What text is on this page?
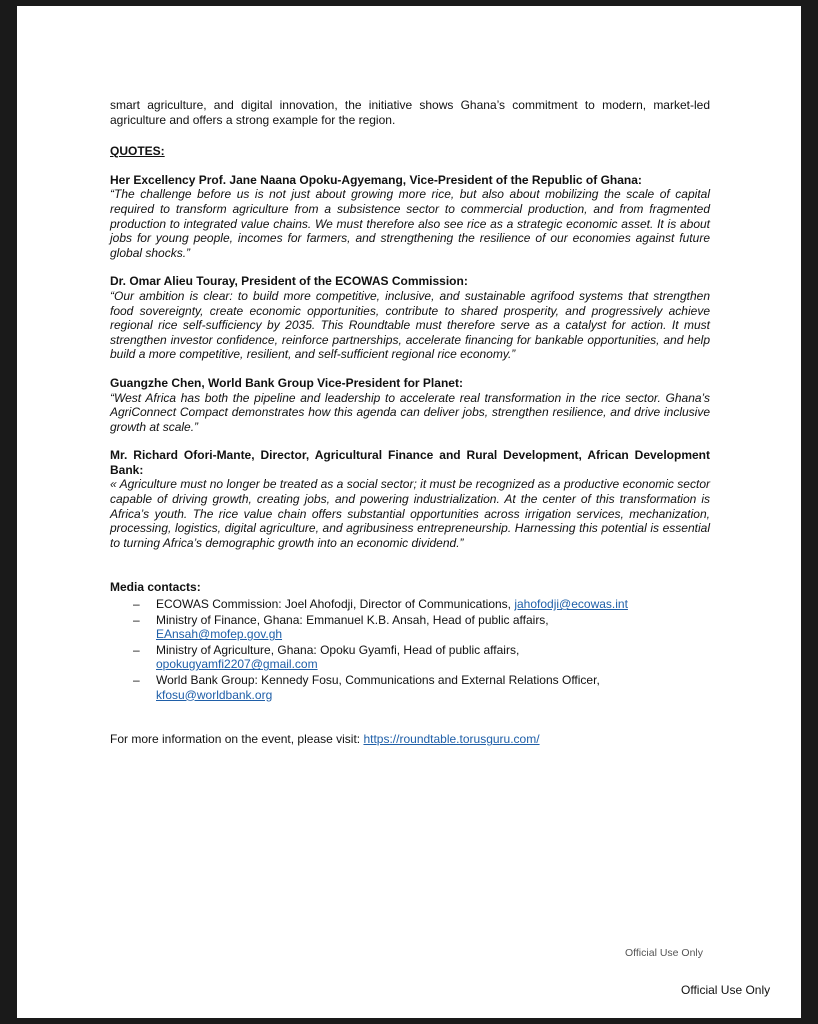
smart agriculture, and digital innovation, the initiative shows Ghana’s commitment to modern, market-led agriculture and offers a strong example for the region.

QUOTES:

Her Excellency Prof. Jane Naana Opoku-Agyemang, Vice-President of the Republic of Ghana:

“The challenge before us is not just about growing more rice, but also about mobilizing the scale of capital required to transform agriculture from a subsistence sector to commercial production, and from fragmented production to integrated value chains. We must therefore also see rice as a strategic economic asset. It is about jobs for young people, incomes for farmers, and strengthening the resilience of our economies against future global shocks.”

Dr. Omar Alieu Touray, President of the ECOWAS Commission:

“Our ambition is clear: to build more competitive, inclusive, and sustainable agrifood systems that strengthen food sovereignty, create economic opportunities, contribute to shared prosperity, and progressively achieve regional rice self-sufficiency by 2035. This Roundtable must therefore serve as a catalyst for action. It must strengthen investor confidence, reinforce partnerships, accelerate financing for bankable opportunities, and help build a more competitive, resilient, and self-sufficient regional rice economy.”

Guangzhe Chen, World Bank Group Vice-President for Planet:

“West Africa has both the pipeline and leadership to accelerate real transformation in the rice sector. Ghana’s AgriConnect Compact demonstrates how this agenda can deliver jobs, strengthen resilience, and drive inclusive growth at scale.”

Mr. Richard Ofori-Mante, Director, Agricultural Finance and Rural Development, African Development Bank:

« Agriculture must no longer be treated as a social sector; it must be recognized as a productive economic sector capable of driving growth, creating jobs, and powering industrialization. At the center of this transformation is Africa’s youth. The rice value chain offers substantial opportunities across irrigation services, mechanization, processing, logistics, digital agriculture, and agribusiness entrepreneurship. Harnessing this potential is essential to turning Africa’s demographic growth into an economic dividend.”

Media contacts:

– ECOWAS Commission: Joel Ahofodji, Director of Communications, jahofodji@ecowas.int
– Ministry of Finance, Ghana: Emmanuel K.B. Ansah, Head of public affairs,
EAnsah@mofep.gov.gh
– Ministry of Agriculture, Ghana: Opoku Gyamfi, Head of public affairs,
opokugyamfi2207@gmail.com
– World Bank Group: Kennedy Fosu, Communications and External Relations Officer,
kfosu@worldbank.org

For more information on the event, please visit: https://roundtable.torusguru.com/

Official Use Only
Official Use Only
